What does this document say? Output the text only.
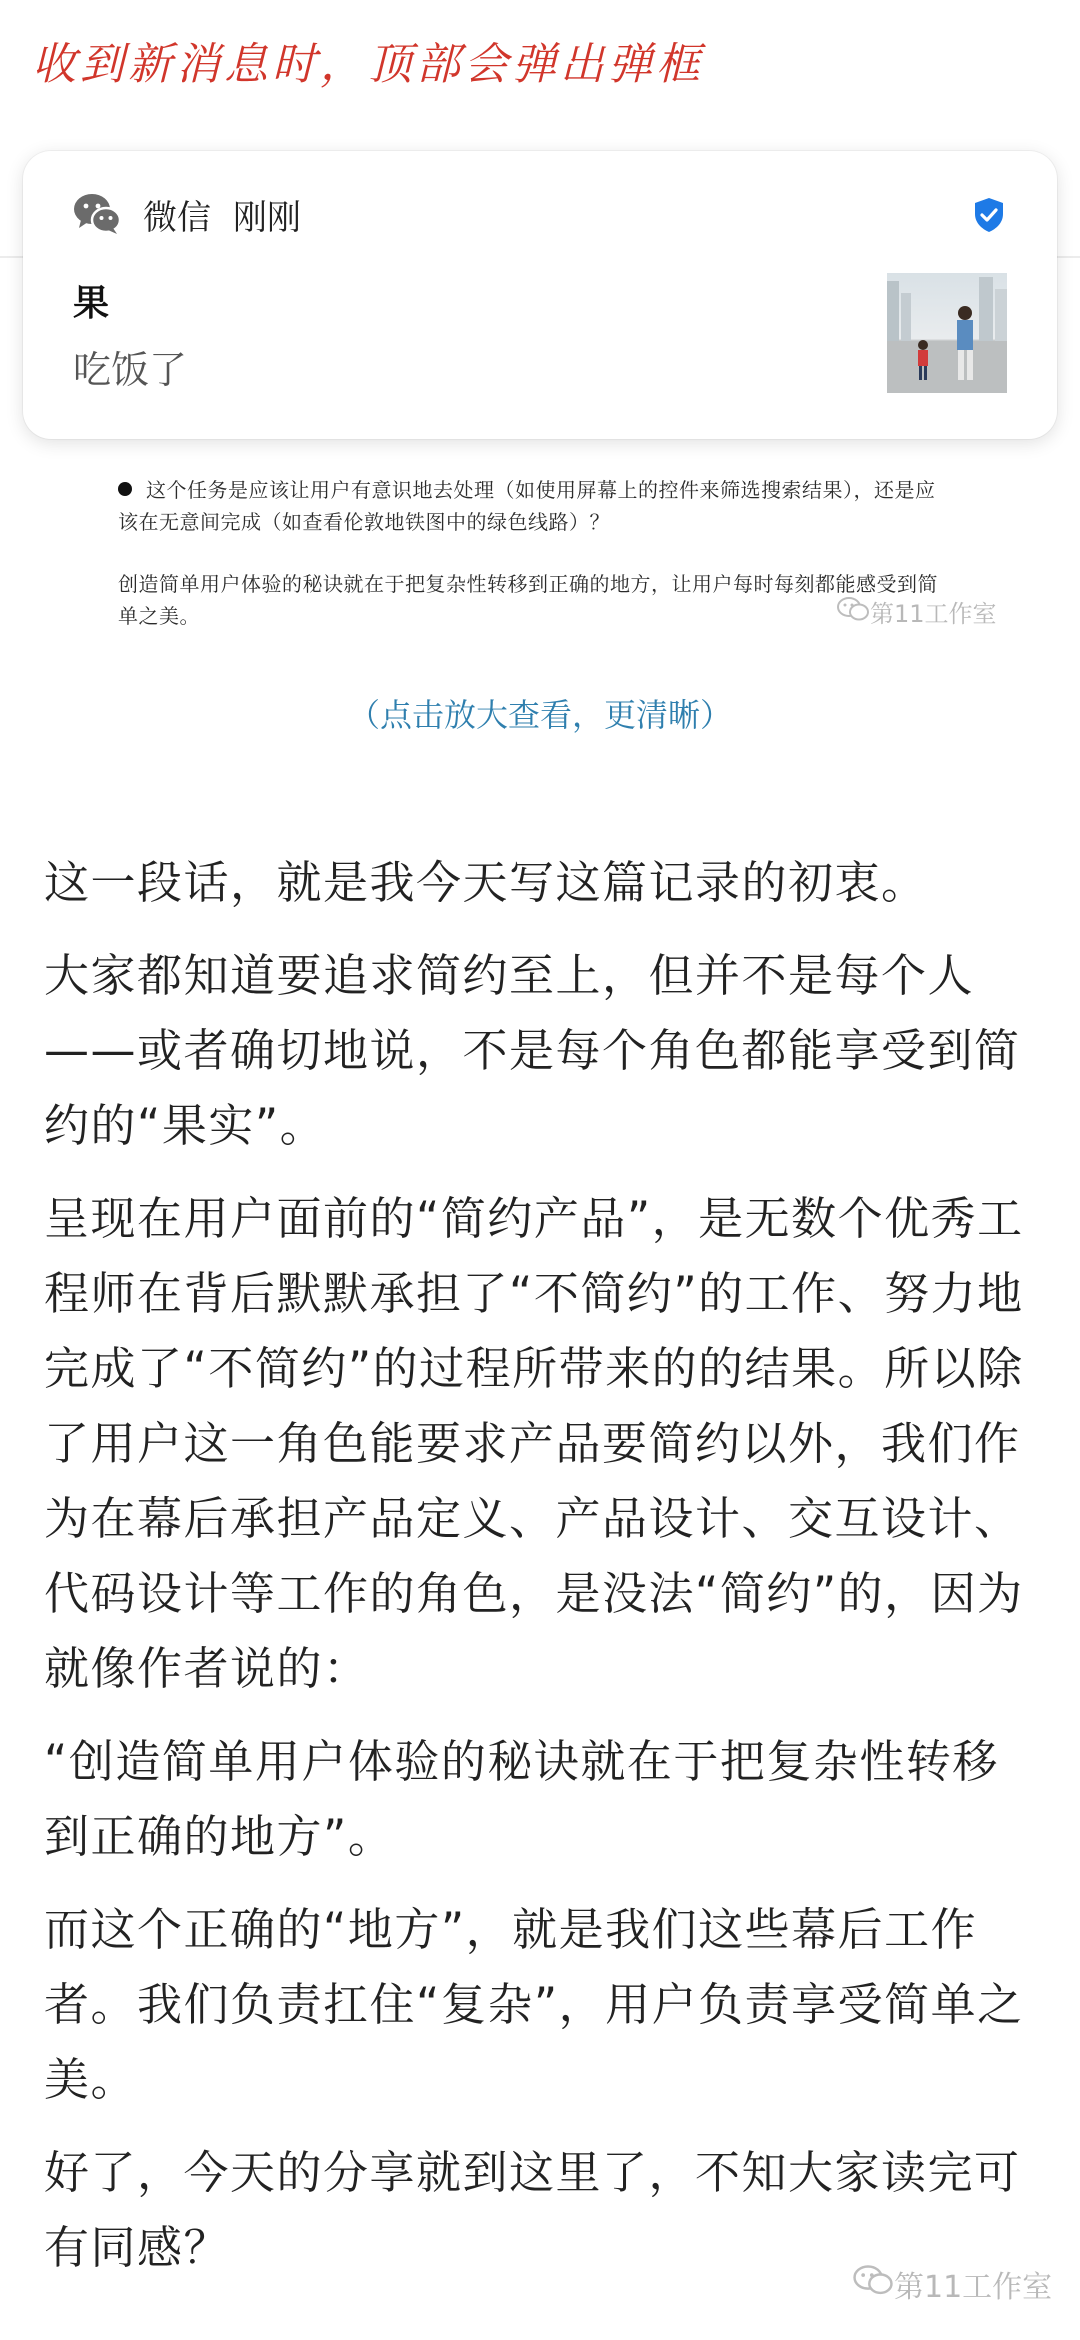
收到新消息时，顶部会弹出弹框
微信 刚刚
果
吃饭了
这个任务是应该让用户有意识地去处理（如使用屏幕上的控件来筛选搜索结果），还是应
该在无意间完成（如查看伦敦地铁图中的绿色线路）？
创造简单用户体验的秘诀就在于把复杂性转移到正确的地方，让用户每时每刻都能感受到简
单之美。	第11工作室
（点击放大查看，更清晰）

这一段话，就是我今天写这篇记录的初衷。

大家都知道要追求简约至上，但并不是每个人——或者确切地说，不是每个角色都能享受到简约的“果实”。

呈现在用户面前的“简约产品”，是无数个优秀工程师在背后默默承担了“不简约”的工作、努力地完成了“不简约”的过程所带来的的结果。所以除了用户这一角色能要求产品要简约以外，我们作为在幕后承担产品定义、产品设计、交互设计、代码设计等工作的角色，是没法“简约”的，因为就像作者说的：

“创造简单用户体验的秘诀就在于把复杂性转移到正确的地方”。

而这个正确的“地方”，就是我们这些幕后工作者。我们负责扛住“复杂”，用户负责享受简单之美。

好了，今天的分享就到这里了，不知大家读完可有同感？

第11工作室
